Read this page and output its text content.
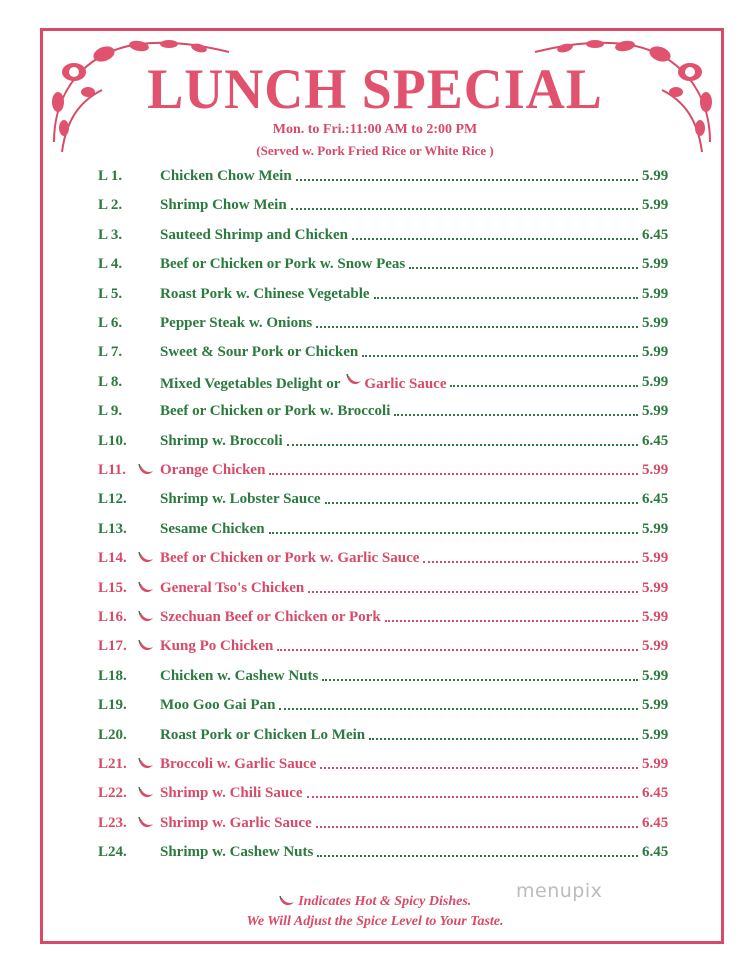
LUNCH SPECIAL
Mon. to Fri.:11:00 AM to 2:00 PM
(Served w. Pork Fried Rice or White Rice )
L 1.	Chicken Chow Mein	5.99
L 2.	Shrimp Chow Mein	5.99
L 3.	Sauteed Shrimp and Chicken	6.45
L 4.	Beef or Chicken or Pork w. Snow Peas	5.99
L 5.	Roast Pork w. Chinese Vegetable	5.99
L 6.	Pepper Steak w. Onions	5.99
L 7.	Sweet & Sour Pork or Chicken	5.99
L 8.	Mixed Vegetables Delight or Garlic Sauce	5.99
L 9.	Beef or Chicken or Pork w. Broccoli	5.99
L10. Shrimp w. Broccoli	6.45
L11. Orange Chicken	5.99
L12. Shrimp w. Lobster Sauce	6.45
L13. Sesame Chicken	5.99
L14. Beef or Chicken or Pork w. Garlic Sauce	5.99
L15. General Tso's Chicken	5.99
L16. Szechuan Beef or Chicken or Pork	5.99
L17. Kung Po Chicken	5.99
L18. Chicken w. Cashew Nuts	5.99
L19. Moo Goo Gai Pan	5.99
L20. Roast Pork or Chicken Lo Mein	5.99
L21. Broccoli w. Garlic Sauce	5.99
L22. Shrimp w. Chili Sauce	6.45
L23. Shrimp w. Garlic Sauce	6.45
L24. Shrimp w. Cashew Nuts	6.45
Indicates Hot & Spicy Dishes.
We Will Adjust the Spice Level to Your Taste.
menupix
